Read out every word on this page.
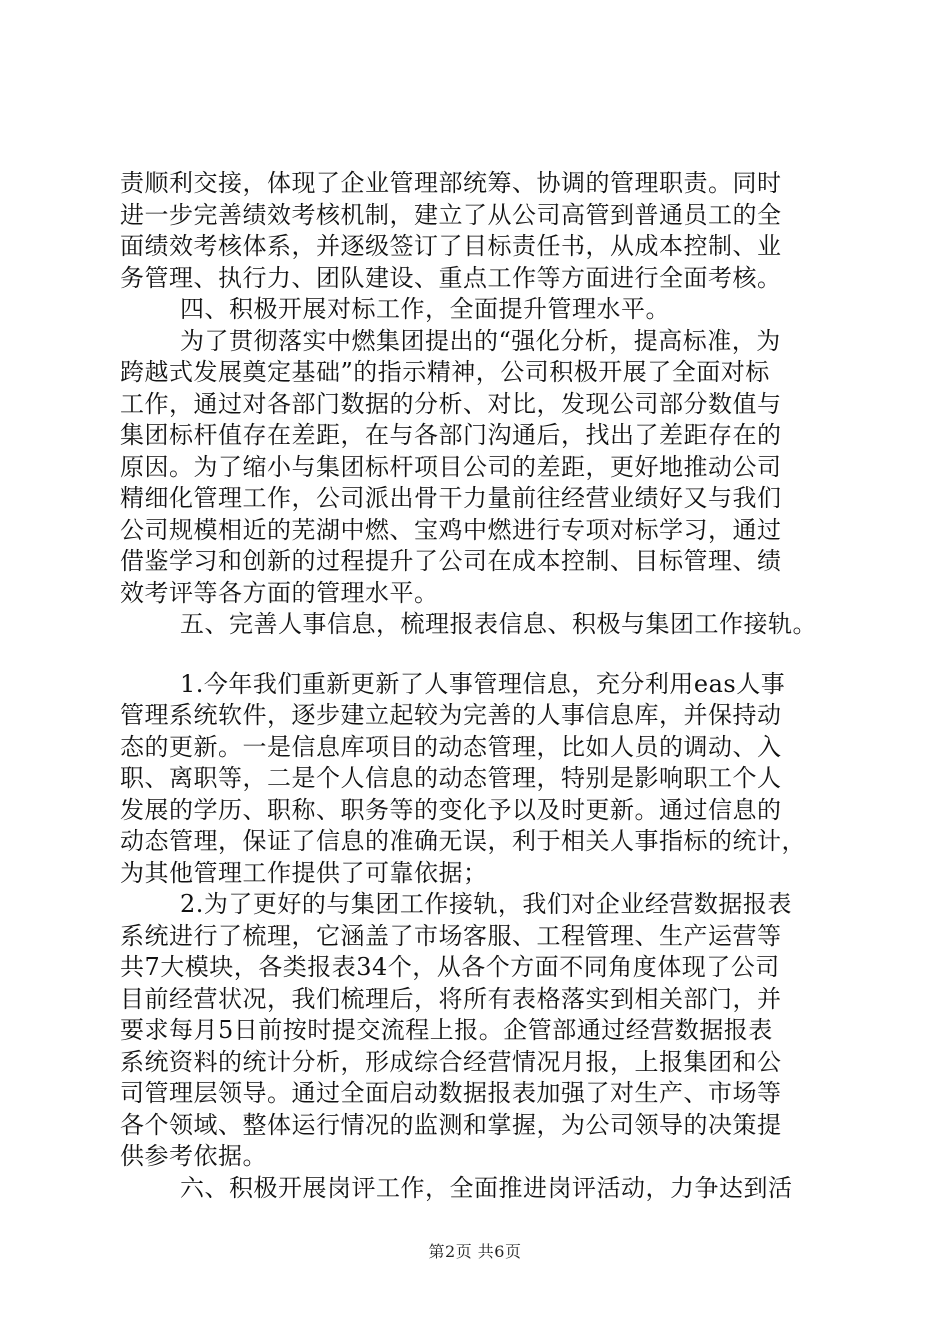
责顺利交接，体现了企业管理部统筹、协调的管理职责。同时
进一步完善绩效考核机制，建立了从公司高管到普通员工的全
面绩效考核体系，并逐级签订了目标责任书，从成本控制、业
务管理、执行力、团队建设、重点工作等方面进行全面考核。
四、积极开展对标工作，全面提升管理水平。
为了贯彻落实中燃集团提出的“强化分析，提高标准，为
跨越式发展奠定基础”的指示精神，公司积极开展了全面对标
工作，通过对各部门数据的分析、对比，发现公司部分数值与
集团标杆值存在差距，在与各部门沟通后，找出了差距存在的
原因。为了缩小与集团标杆项目公司的差距，更好地推动公司
精细化管理工作，公司派出骨干力量前往经营业绩好又与我们
公司规模相近的芜湖中燃、宝鸡中燃进行专项对标学习，通过
借鉴学习和创新的过程提升了公司在成本控制、目标管理、绩
效考评等各方面的管理水平。
五、完善人事信息，梳理报表信息、积极与集团工作接轨。
1.今年我们重新更新了人事管理信息，充分利用eas人事
管理系统软件，逐步建立起较为完善的人事信息库，并保持动
态的更新。一是信息库项目的动态管理，比如人员的调动、入
职、离职等，二是个人信息的动态管理，特别是影响职工个人
发展的学历、职称、职务等的变化予以及时更新。通过信息的
动态管理，保证了信息的准确无误，利于相关人事指标的统计，
为其他管理工作提供了可靠依据；
2.为了更好的与集团工作接轨，我们对企业经营数据报表
系统进行了梳理，它涵盖了市场客服、工程管理、生产运营等
共7大模块，各类报表34个，从各个方面不同角度体现了公司
目前经营状况，我们梳理后，将所有表格落实到相关部门，并
要求每月5日前按时提交流程上报。企管部通过经营数据报表
系统资料的统计分析，形成综合经营情况月报，上报集团和公
司管理层领导。通过全面启动数据报表加强了对生产、市场等
各个领域、整体运行情况的监测和掌握，为公司领导的决策提
供参考依据。
六、积极开展岗评工作，全面推进岗评活动，力争达到活
第2页 共6页
